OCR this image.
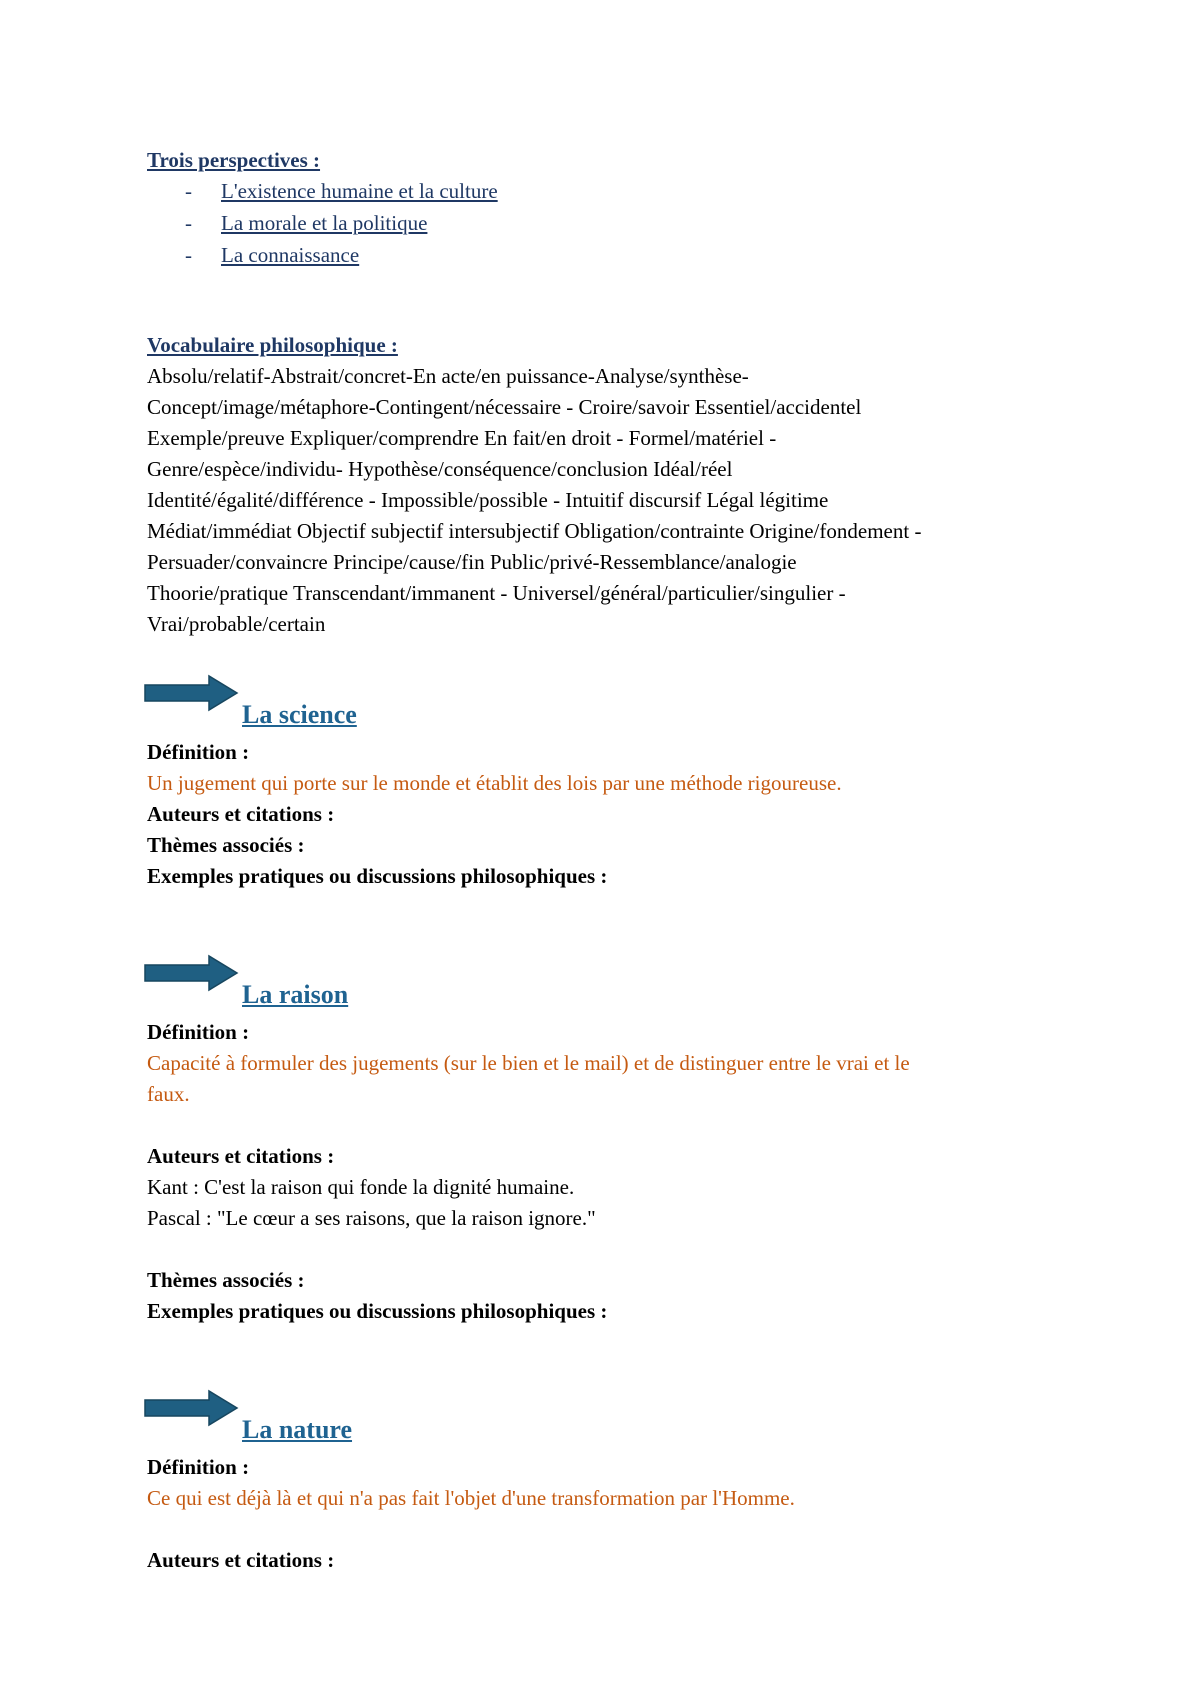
Trois perspectives :
-	L'existence humaine et la culture
-	La morale et la politique
-	La connaissance
Vocabulaire philosophique :
Absolu/relatif-Abstrait/concret-En acte/en puissance-Analyse/synthèse-
Concept/image/métaphore-Contingent/nécessaire - Croire/savoir Essentiel/accidentel
Exemple/preuve Expliquer/comprendre En fait/en droit - Formel/matériel -
Genre/espèce/individu- Hypothèse/conséquence/conclusion Idéal/réel
Identité/égalité/différence - Impossible/possible - Intuitif discursif Légal légitime
Médiat/immédiat Objectif subjectif intersubjectif Obligation/contrainte Origine/fondement -
Persuader/convaincre Principe/cause/fin Public/privé-Ressemblance/analogie
Thoorie/pratique Transcendant/immanent - Universel/général/particulier/singulier -
Vrai/probable/certain
La science
Définition :
Un jugement qui porte sur le monde et établit des lois par une méthode rigoureuse.
Auteurs et citations :
Thèmes associés :
Exemples pratiques ou discussions philosophiques :
La raison
Définition :
Capacité à formuler des jugements (sur le bien et le mail) et de distinguer entre le vrai et le
faux.
Auteurs et citations :
Kant : C'est la raison qui fonde la dignité humaine.
Pascal : "Le cœur a ses raisons, que la raison ignore."
Thèmes associés :
Exemples pratiques ou discussions philosophiques :
La nature
Définition :
Ce qui est déjà là et qui n'a pas fait l'objet d'une transformation par l'Homme.
Auteurs et citations :
